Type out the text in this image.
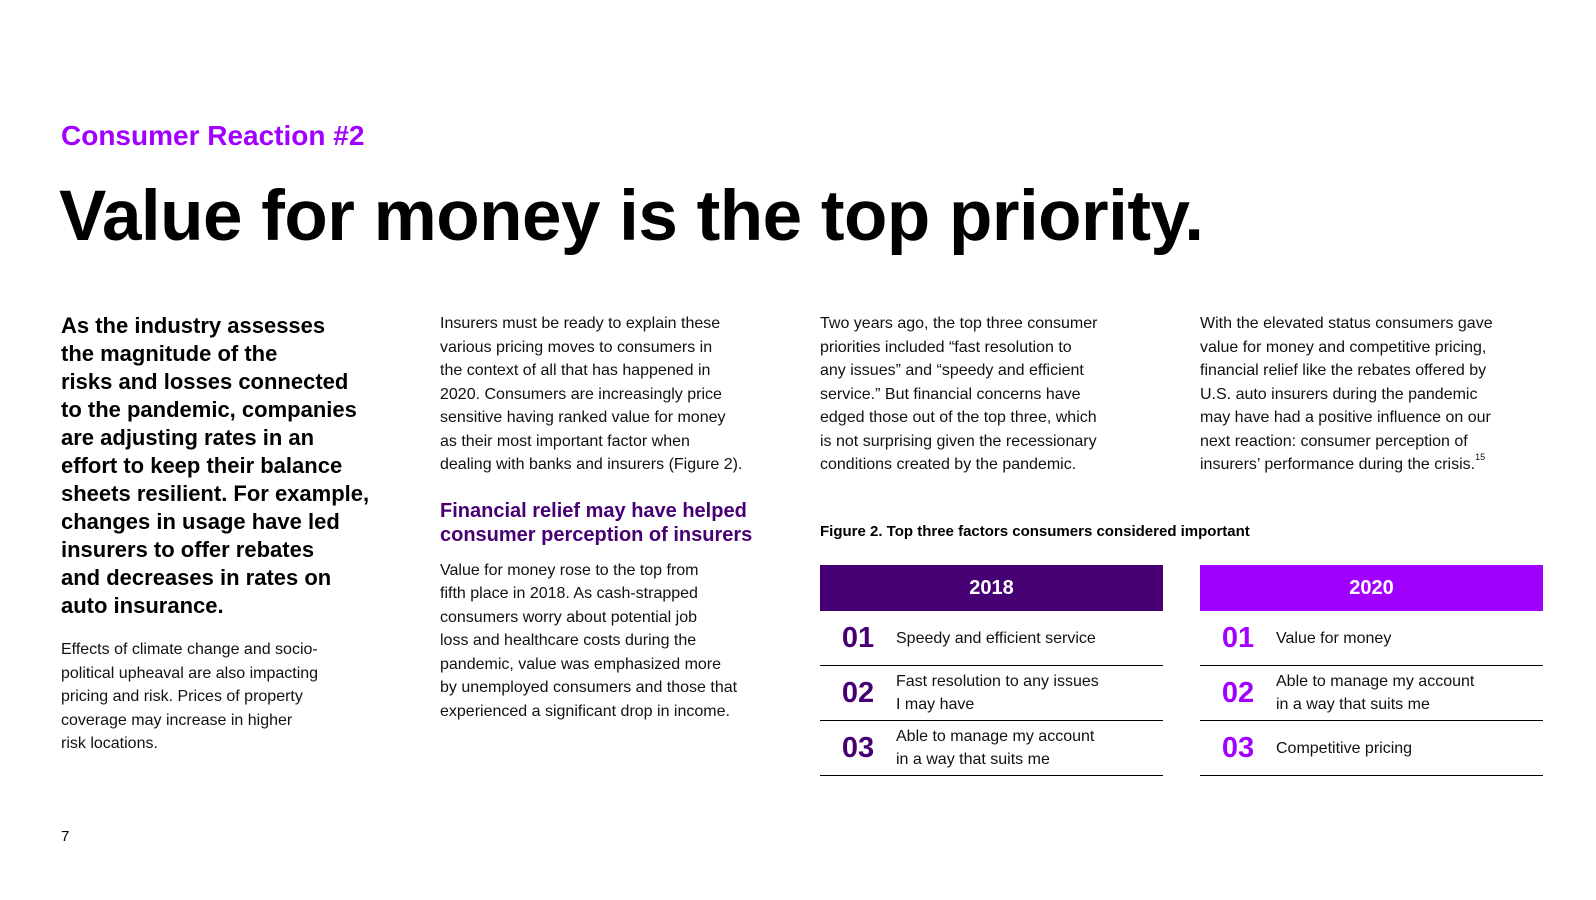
Consumer Reaction #2
Value for money is the top priority.

As the industry assesses
the magnitude of the
risks and losses connected
to the pandemic, companies
are adjusting rates in an
effort to keep their balance
sheets resilient. For example,
changes in usage have led
insurers to offer rebates
and decreases in rates on
auto insurance.

Effects of climate change and socio-
political upheaval are also impacting
pricing and risk. Prices of property
coverage may increase in higher
risk locations.

Insurers must be ready to explain these
various pricing moves to consumers in
the context of all that has happened in
2020. Consumers are increasingly price
sensitive having ranked value for money
as their most important factor when
dealing with banks and insurers (Figure 2).

Financial relief may have helped
consumer perception of insurers

Value for money rose to the top from
fifth place in 2018. As cash-strapped
consumers worry about potential job
loss and healthcare costs during the
pandemic, value was emphasized more
by unemployed consumers and those that
experienced a significant drop in income.

Two years ago, the top three consumer
priorities included “fast resolution to
any issues” and “speedy and efficient
service.” But financial concerns have
edged those out of the top three, which
is not surprising given the recessionary
conditions created by the pandemic.

With the elevated status consumers gave
value for money and competitive pricing,
financial relief like the rebates offered by
U.S. auto insurers during the pandemic
may have had a positive influence on our
next reaction: consumer perception of
insurers’ performance during the crisis.$^{15}$

Figure 2. Top three factors consumers considered important

2018
01	Speedy and efficient service
02	Fast resolution to any issues
I may have
03	Able to manage my account
in a way that suits me
2020
01	Value for money
02	Able to manage my account
in a way that suits me
03	Competitive pricing

7
